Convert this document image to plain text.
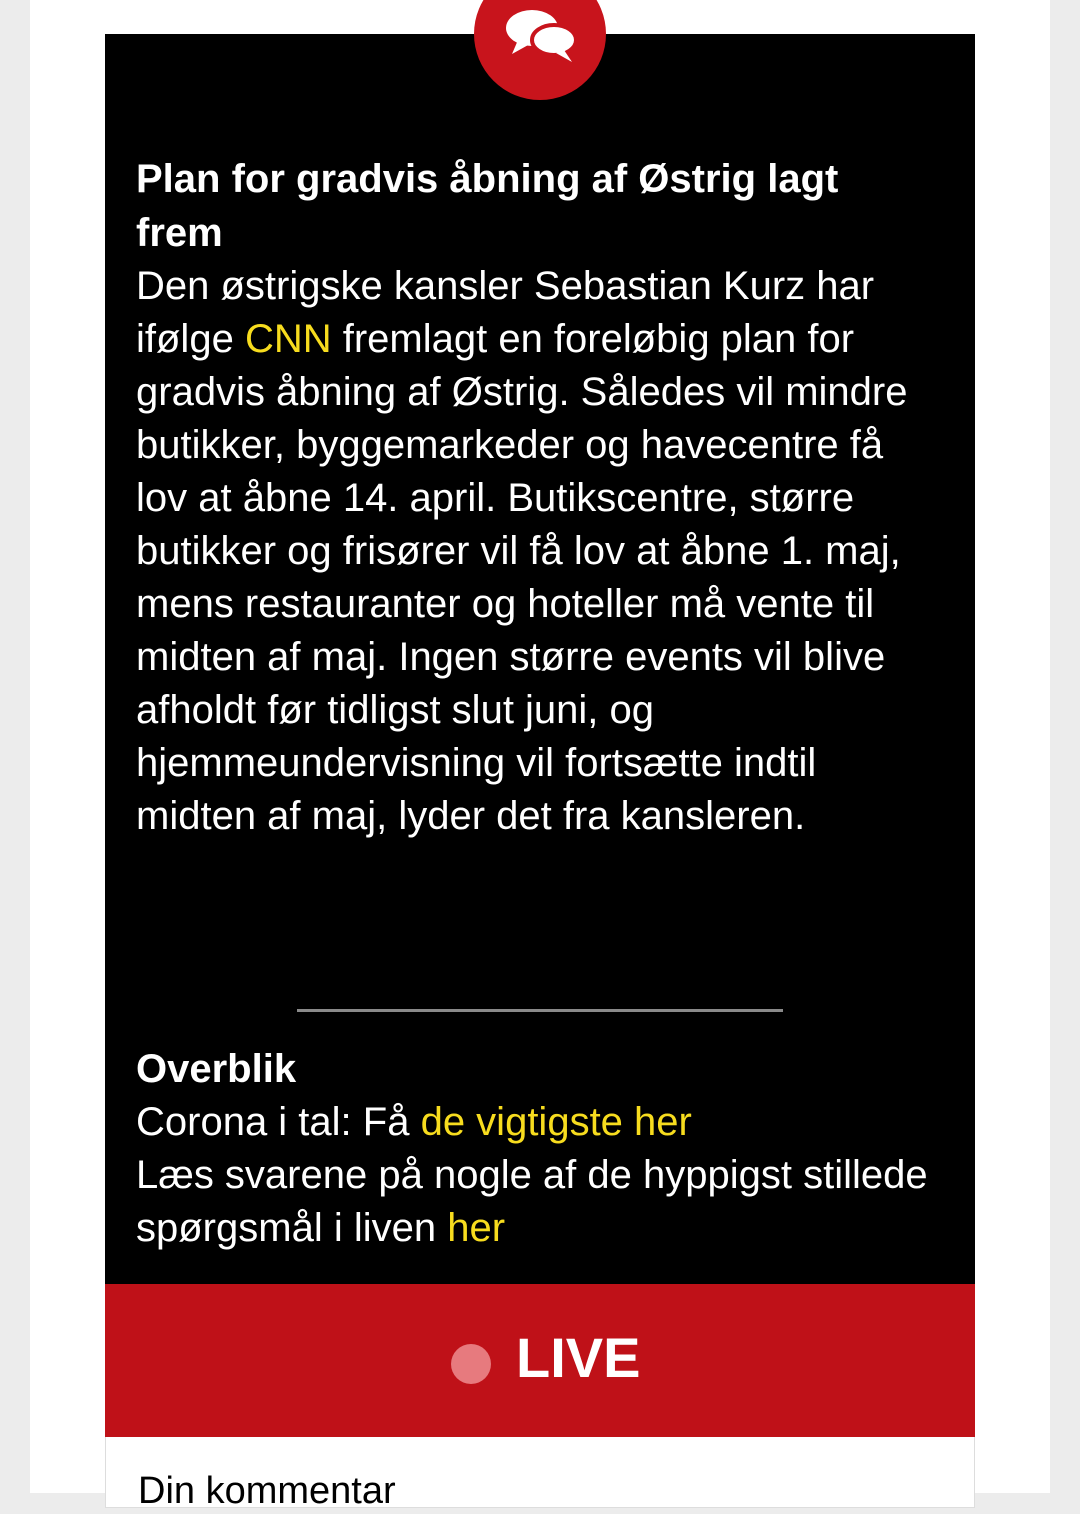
Plan for gradvis åbning af Østrig lagt frem

Den østrigske kansler Sebastian Kurz har ifølge CNN fremlagt en foreløbig plan for gradvis åbning af Østrig. Således vil mindre butikker, byggemarkeder og havecentre få lov at åbne 14. april. Butikscentre, større butikker og frisører vil få lov at åbne 1. maj, mens restauranter og hoteller må vente til midten af maj. Ingen større events vil blive afholdt før tidligst slut juni, og hjemmeundervisning vil fortsætte indtil midten af maj, lyder det fra kansleren.

Overblik

Corona i tal: Få de vigtigste her

Læs svarene på nogle af de hyppigst stillede spørgsmål i liven her

LIVE
Din kommentar
